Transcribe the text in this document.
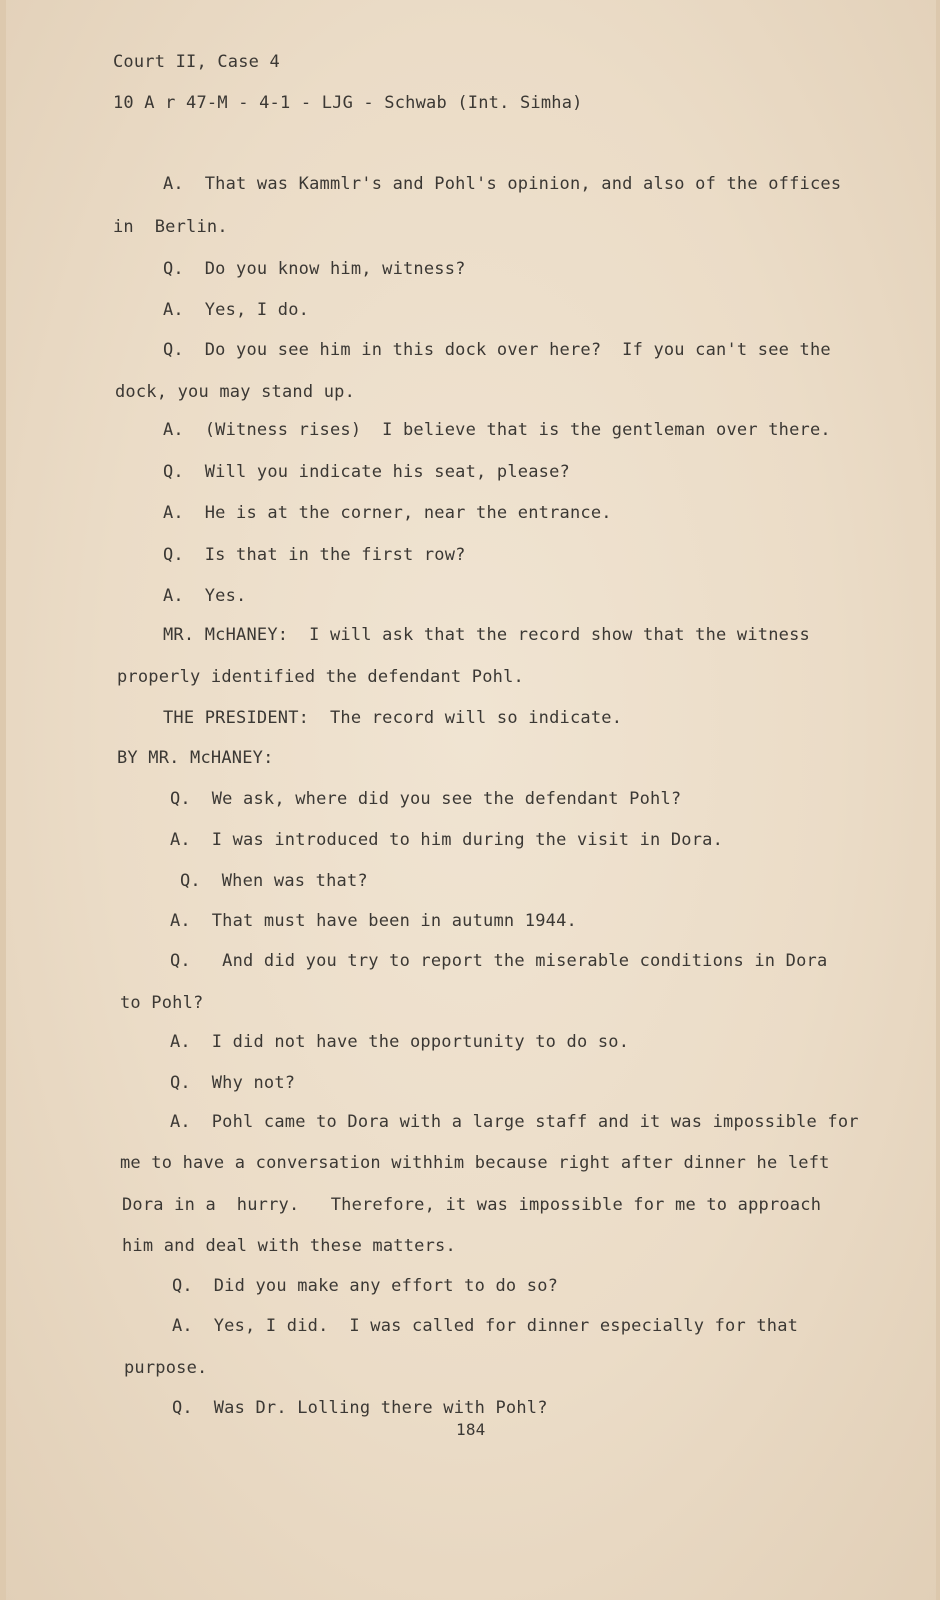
Court II, Case 4
10 A r 47-M - 4-1 - LJG - Schwab (Int. Simha)
A.  That was Kammlr's and Pohl's opinion, and also of the offices
in  Berlin.
Q.  Do you know him, witness?
A.  Yes, I do.
Q.  Do you see him in this dock over here?  If you can't see the
dock, you may stand up.
A.  (Witness rises)  I believe that is the gentleman over there.
Q.  Will you indicate his seat, please?
A.  He is at the corner, near the entrance.
Q.  Is that in the first row?
A.  Yes.
MR. McHANEY:  I will ask that the record show that the witness
properly identified the defendant Pohl.
THE PRESIDENT:  The record will so indicate.
BY MR. McHANEY:
Q.  We ask, where did you see the defendant Pohl?
A.  I was introduced to him during the visit in Dora.
Q.  When was that?
A.  That must have been in autumn 1944.
Q.   And did you try to report the miserable conditions in Dora
to Pohl?
A.  I did not have the opportunity to do so.
Q.  Why not?
A.  Pohl came to Dora with a large staff and it was impossible for
me to have a conversation withhim because right after dinner he left
Dora in a  hurry.   Therefore, it was impossible for me to approach
him and deal with these matters.
Q.  Did you make any effort to do so?
A.  Yes, I did.  I was called for dinner especially for that
purpose.
Q.  Was Dr. Lolling there with Pohl?
184
